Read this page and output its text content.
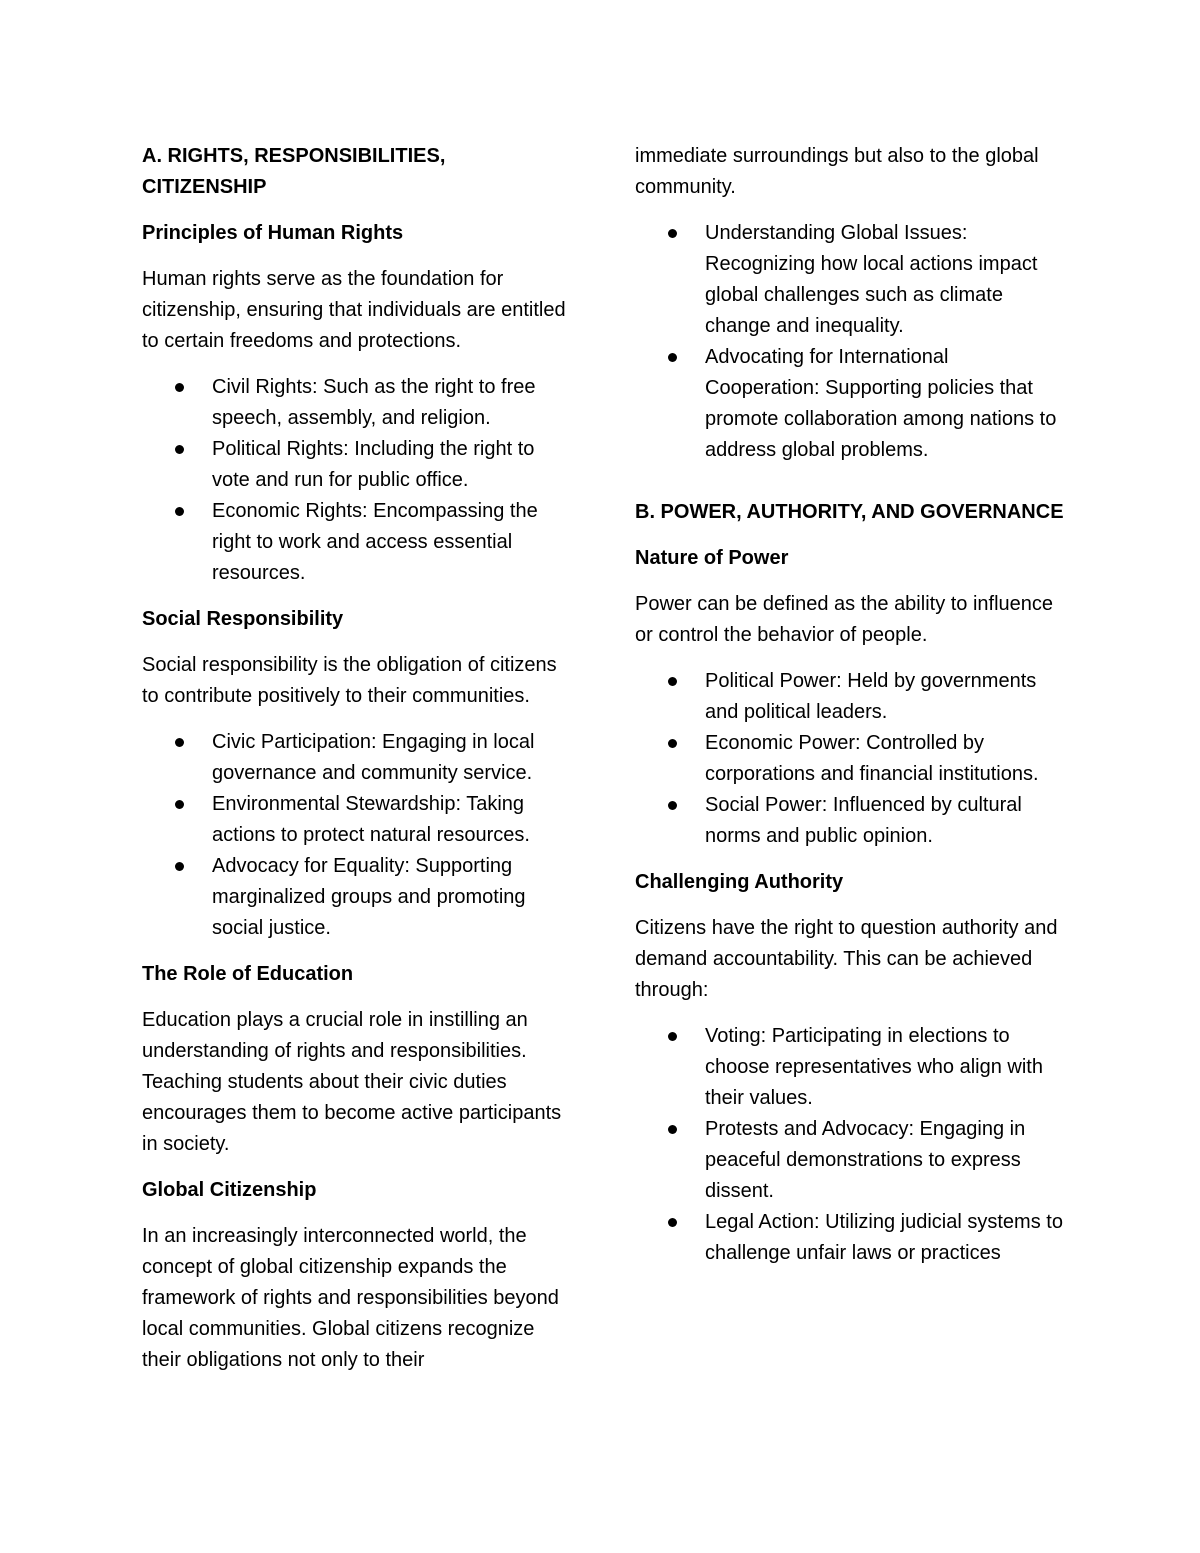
A. RIGHTS, RESPONSIBILITIES, CITIZENSHIP
Principles of Human Rights

Human rights serve as the foundation for citizenship, ensuring that individuals are entitled to certain freedoms and protections.

Civil Rights: Such as the right to free speech, assembly, and religion.
Political Rights: Including the right to vote and run for public office.
Economic Rights: Encompassing the right to work and access essential resources.
Social Responsibility

Social responsibility is the obligation of citizens to contribute positively to their communities.

Civic Participation: Engaging in local governance and community service.
Environmental Stewardship: Taking actions to protect natural resources.
Advocacy for Equality: Supporting marginalized groups and promoting social justice.
The Role of Education

Education plays a crucial role in instilling an understanding of rights and responsibilities. Teaching students about their civic duties encourages them to become active participants in society.

Global Citizenship

In an increasingly interconnected world, the concept of global citizenship expands the framework of rights and responsibilities beyond local communities. Global citizens recognize their obligations not only to their

immediate surroundings but also to the global community.

Understanding Global Issues: Recognizing how local actions impact global challenges such as climate change and inequality.
Advocating for International Cooperation: Supporting policies that promote collaboration among nations to address global problems.
B. POWER, AUTHORITY, AND GOVERNANCE
Nature of Power

Power can be defined as the ability to influence or control the behavior of people.

Political Power: Held by governments and political leaders.
Economic Power: Controlled by corporations and financial institutions.
Social Power: Influenced by cultural norms and public opinion.
Challenging Authority

Citizens have the right to question authority and demand accountability. This can be achieved through:

Voting: Participating in elections to choose representatives who align with their values.
Protests and Advocacy: Engaging in peaceful demonstrations to express dissent.
Legal Action: Utilizing judicial systems to challenge unfair laws or practices
